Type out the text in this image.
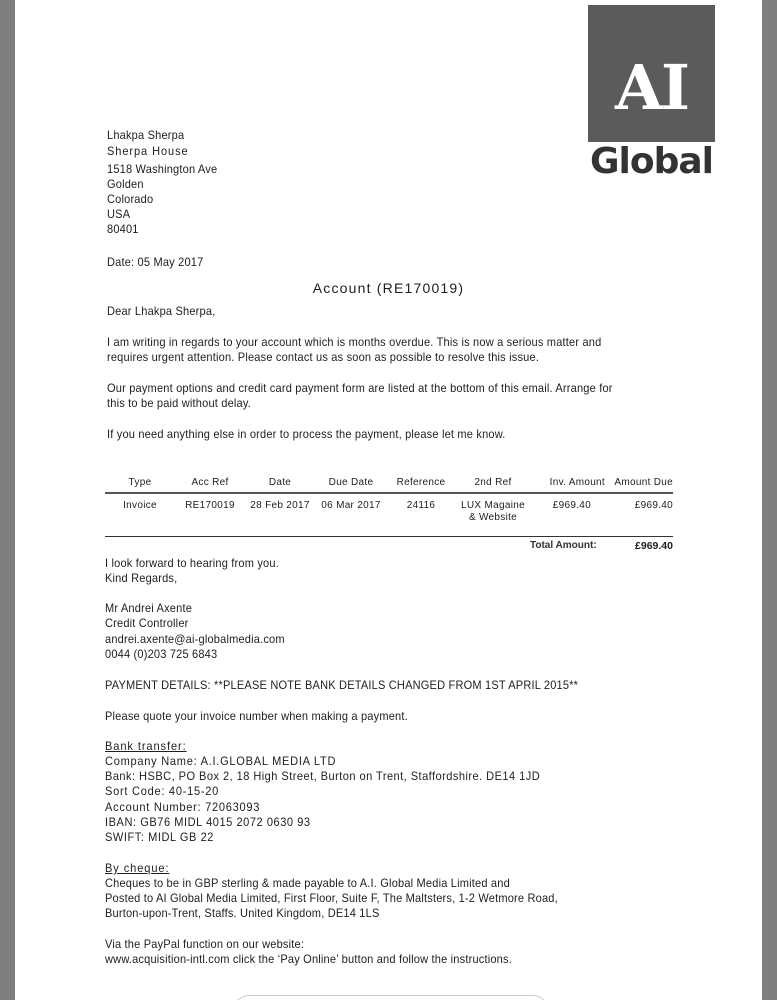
AI
Global
Lhakpa Sherpa
Sherpa House
1518 Washington Ave
Golden
Colorado
USA
80401
Date: 05 May 2017
Account (RE170019)
Dear Lhakpa Sherpa,
I am writing in regards to your account which is months overdue. This is now a serious matter and
requires urgent attention. Please contact us as soon as possible to resolve this issue.
Our payment options and credit card payment form are listed at the bottom of this email. Arrange for
this to be paid without delay.
If you need anything else in order to process the payment, please let me know.
Type	Acc Ref	Date	Due Date	Reference	2nd Ref	Inv. Amount	Amount Due
Invoice	RE170019	28 Feb 2017	06 Mar 2017	24116	LUX Magaine
& Website	£969.40	£969.40
Total Amount:	£969.40
I look forward to hearing from you.
Kind Regards,
Mr Andrei Axente
Credit Controller
andrei.axente@ai-globalmedia.com
0044 (0)203 725 6843
PAYMENT DETAILS: **PLEASE NOTE BANK DETAILS CHANGED FROM 1ST APRIL 2015**
Please quote your invoice number when making a payment.
Bank transfer:
Company Name: A.I.GLOBAL MEDIA LTD
Bank: HSBC, PO Box 2, 18 High Street, Burton on Trent, Staffordshire. DE14 1JD
Sort Code: 40-15-20
Account Number: 72063093
IBAN: GB76 MIDL 4015 2072 0630 93
SWIFT: MIDL GB 22
By cheque:
Cheques to be in GBP sterling & made payable to A.I. Global Media Limited and
Posted to AI Global Media Limited, First Floor, Suite F, The Maltsters, 1-2 Wetmore Road,
Burton-upon-Trent, Staffs. United Kingdom, DE14 1LS
Via the PayPal function on our website:
www.acquisition-intl.com click the ‘Pay Online’ button and follow the instructions.
